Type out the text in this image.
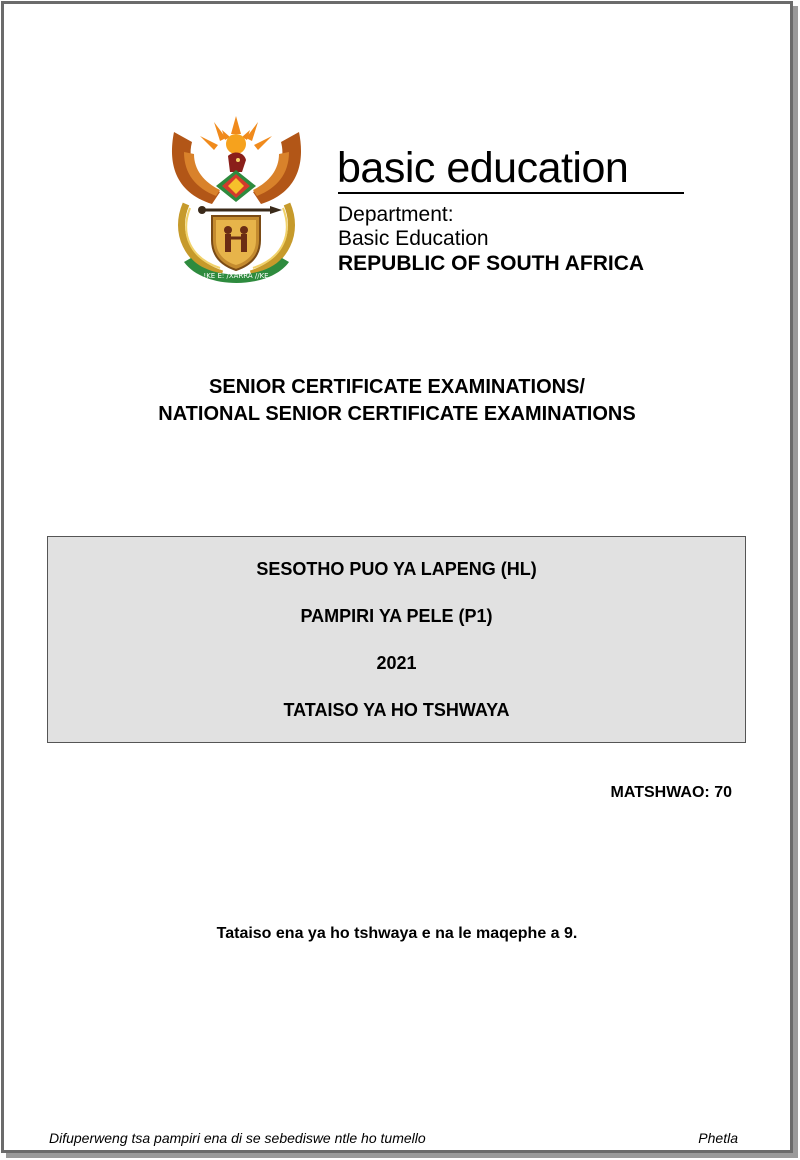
!KE E: /XARRA //KE
basic education
Department:
Basic Education
REPUBLIC OF SOUTH AFRICA
SENIOR CERTIFICATE EXAMINATIONS/
NATIONAL SENIOR CERTIFICATE EXAMINATIONS
SESOTHO PUO YA LAPENG (HL)
PAMPIRI YA PELE (P1)
2021
TATAISO YA HO TSHWAYA
MATSHWAO: 70
Tataiso ena ya ho tshwaya e na le maqephe a 9.
Difuperweng tsa pampiri ena di se sebediswe ntle ho tumello	Phetla
